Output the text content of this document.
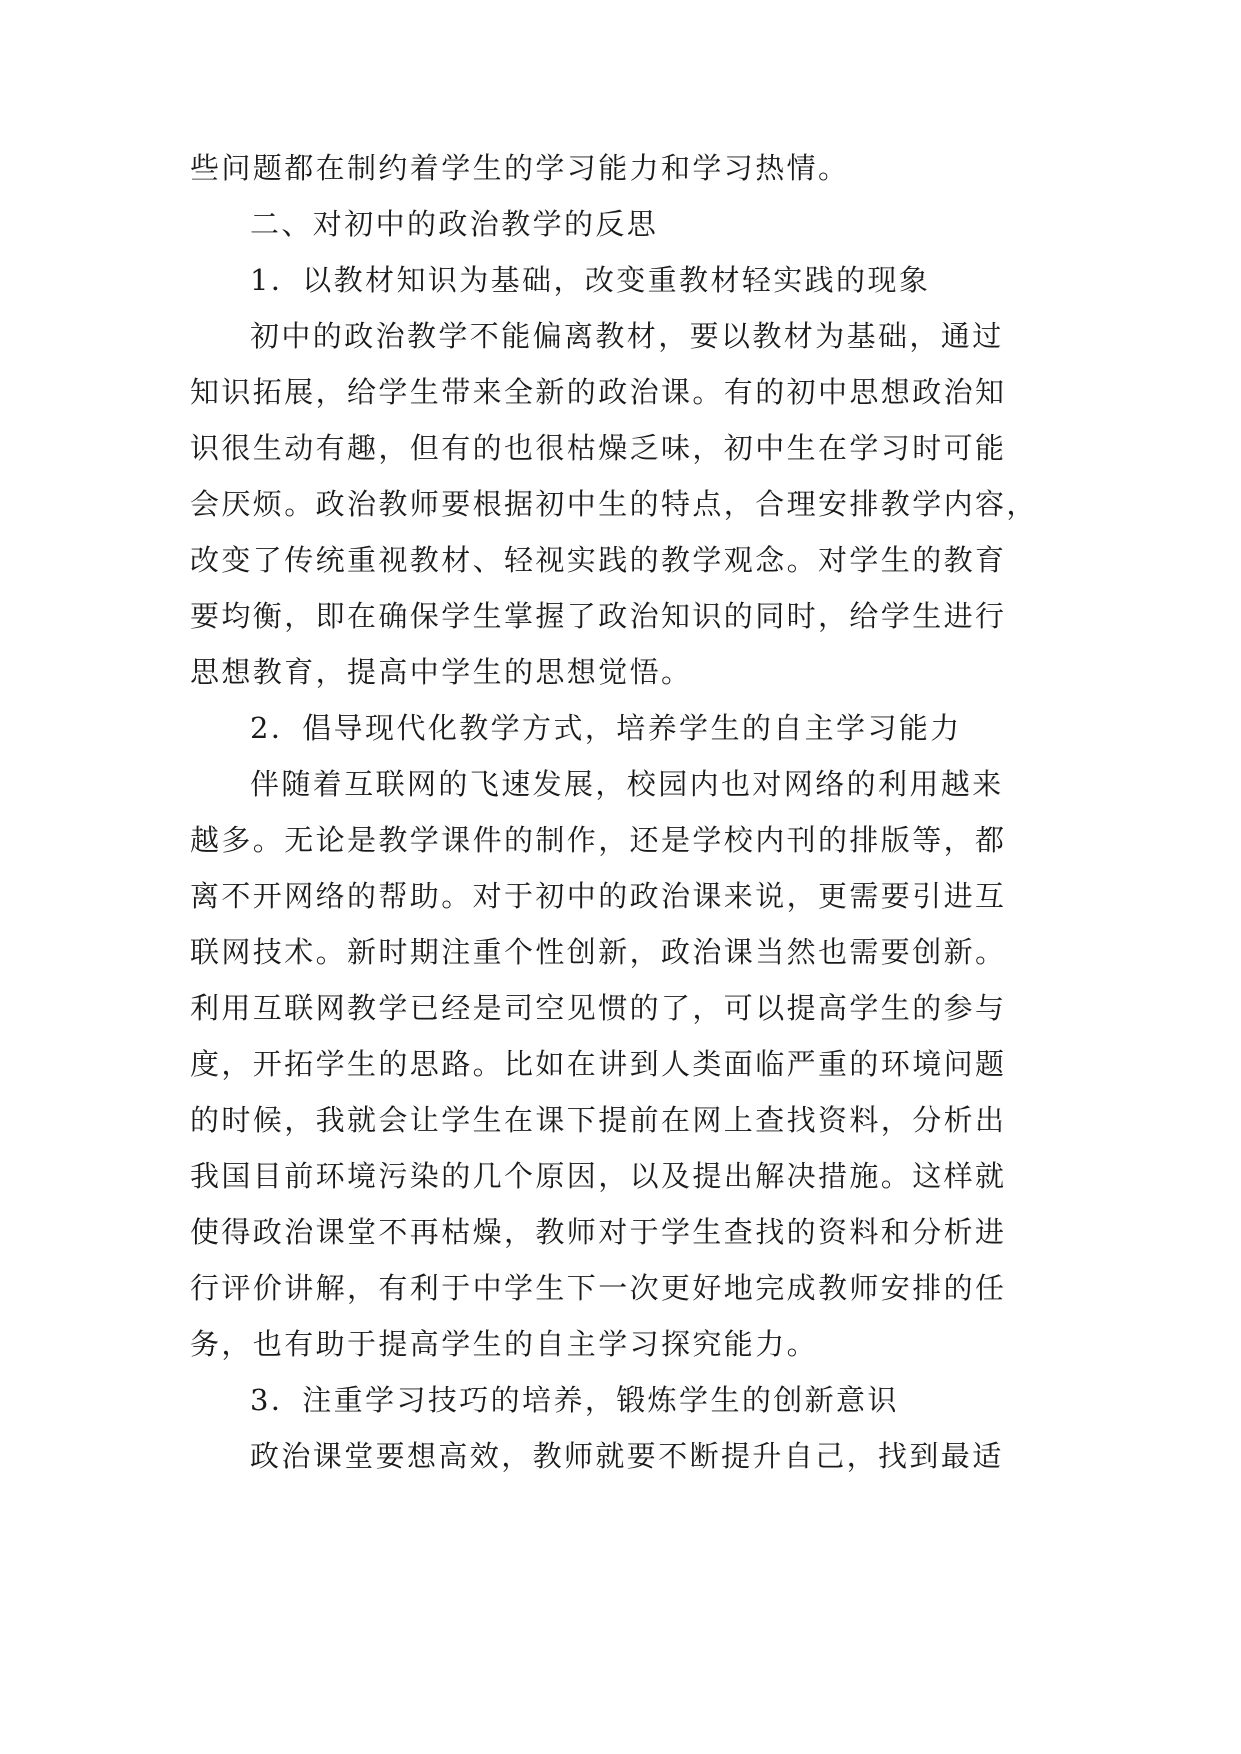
些问题都在制约着学生的学习能力和学习热情。
二、对初中的政治教学的反思
1．以教材知识为基础，改变重教材轻实践的现象
初中的政治教学不能偏离教材，要以教材为基础，通过
知识拓展，给学生带来全新的政治课。有的初中思想政治知
识很生动有趣，但有的也很枯燥乏味，初中生在学习时可能
会厌烦。政治教师要根据初中生的特点，合理安排教学内容，
改变了传统重视教材、轻视实践的教学观念。对学生的教育
要均衡，即在确保学生掌握了政治知识的同时，给学生进行
思想教育，提高中学生的思想觉悟。
2．倡导现代化教学方式，培养学生的自主学习能力
伴随着互联网的飞速发展，校园内也对网络的利用越来
越多。无论是教学课件的制作，还是学校内刊的排版等，都
离不开网络的帮助。对于初中的政治课来说，更需要引进互
联网技术。新时期注重个性创新，政治课当然也需要创新。
利用互联网教学已经是司空见惯的了，可以提高学生的参与
度，开拓学生的思路。比如在讲到人类面临严重的环境问题
的时候，我就会让学生在课下提前在网上查找资料，分析出
我国目前环境污染的几个原因，以及提出解决措施。这样就
使得政治课堂不再枯燥，教师对于学生查找的资料和分析进
行评价讲解，有利于中学生下一次更好地完成教师安排的任
务，也有助于提高学生的自主学习探究能力。
3．注重学习技巧的培养，锻炼学生的创新意识
政治课堂要想高效，教师就要不断提升自己，找到最适
